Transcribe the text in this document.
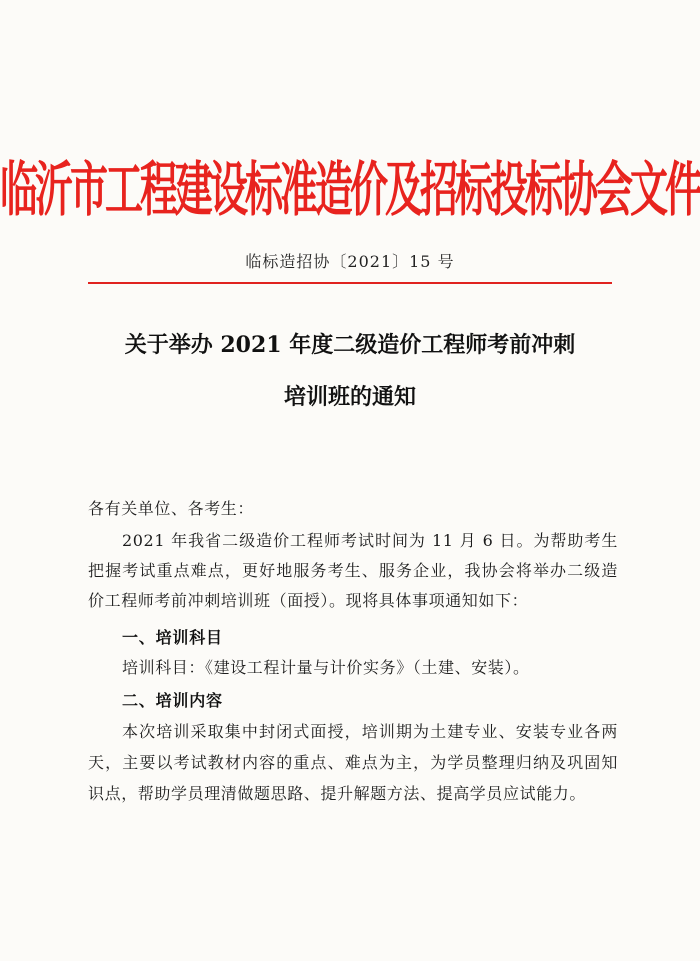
临沂市工程建设标准造价及招标投标协会文件
临标造招协〔2021〕15 号
关于举办 2021 年度二级造价工程师考前冲刺
培训班的通知
各有关单位、各考生：
2021 年我省二级造价工程师考试时间为 11 月 6 日。为帮助考生把握考试重点难点，更好地服务考生、服务企业，我协会将举办二级造价工程师考前冲刺培训班（面授）。现将具体事项通知如下：
一、培训科目
培训科目：《建设工程计量与计价实务》（土建、安装）。
二、培训内容
本次培训采取集中封闭式面授，培训期为土建专业、安装专业各两天，主要以考试教材内容的重点、难点为主，为学员整理归纳及巩固知识点，帮助学员理清做题思路、提升解题方法、提高学员应试能力。
